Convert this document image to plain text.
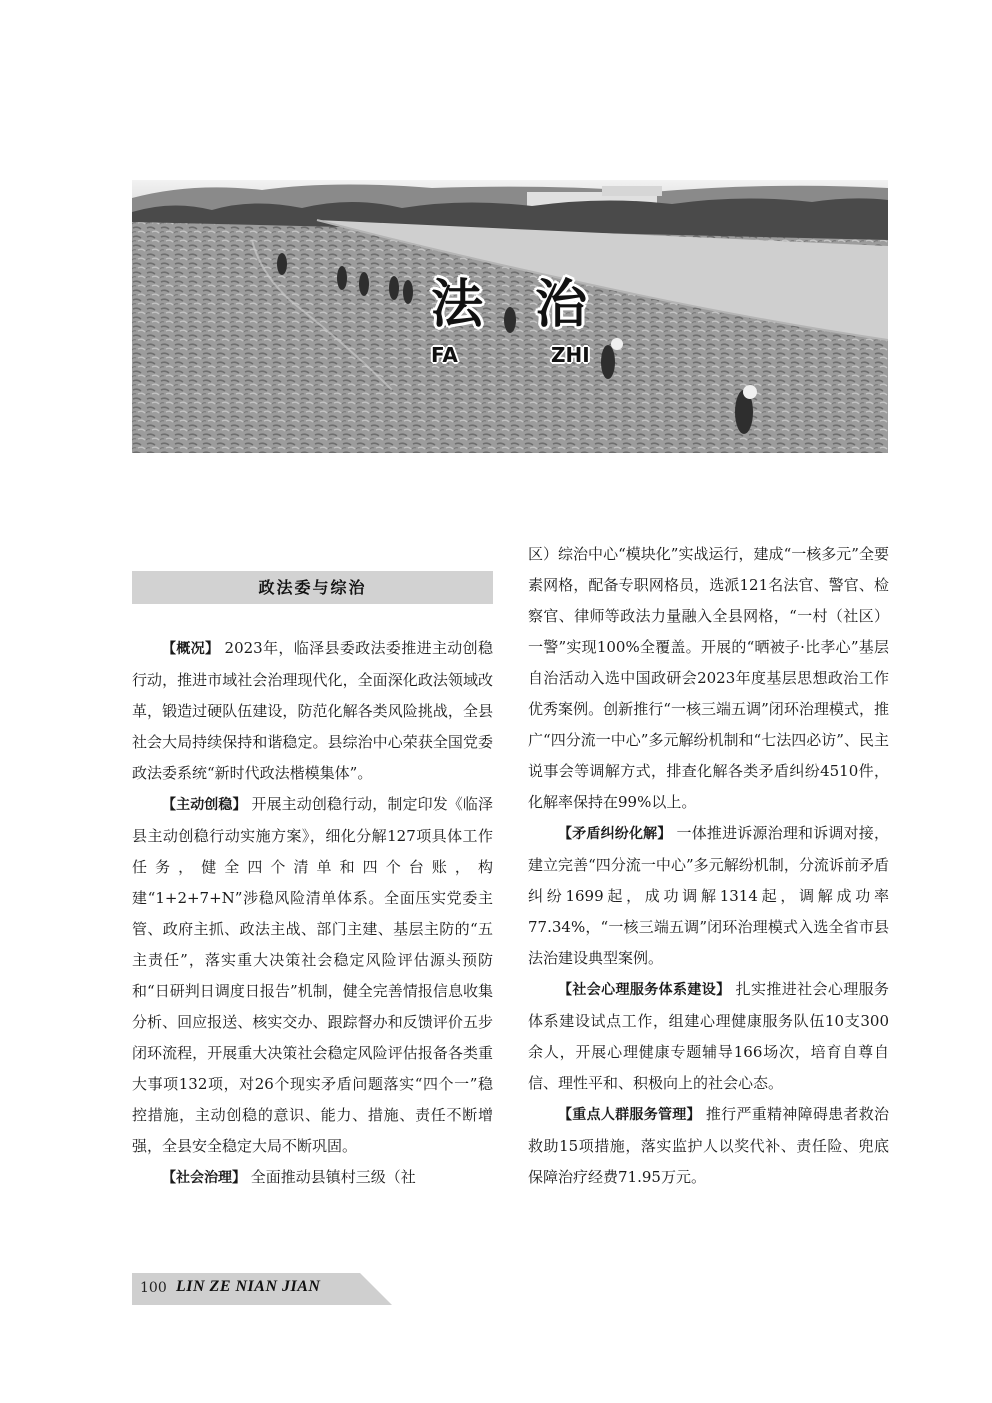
法 治
FA	ZHI
政法委与综治

【概况】 2023年，临泽县委政法委推进主动创稳行动，推进市域社会治理现代化，全面深化政法领域改革，锻造过硬队伍建设，防范化解各类风险挑战，全县社会大局持续保持和谐稳定。县综治中心荣获全国党委政法委系统“新时代政法楷模集体”。

【主动创稳】 开展主动创稳行动，制定印发《临泽县主动创稳行动实施方案》，细化分解127项具体工作任务，健全四个清单和四个台账，构建“1+2+7+N”涉稳风险清单体系。全面压实党委主管、政府主抓、政法主战、部门主建、基层主防的“五主责任”，落实重大决策社会稳定风险评估源头预防和“日研判日调度日报告”机制，健全完善情报信息收集分析、回应报送、核实交办、跟踪督办和反馈评价五步闭环流程，开展重大决策社会稳定风险评估报备各类重大事项132项，对26个现实矛盾问题落实“四个一”稳控措施，主动创稳的意识、能力、措施、责任不断增强，全县安全稳定大局不断巩固。

【社会治理】 全面推动县镇村三级（社

区）综治中心“模块化”实战运行，建成“一核多元”全要素网格，配备专职网格员，选派121名法官、警官、检察官、律师等政法力量融入全县网格，“一村（社区）一警”实现100%全覆盖。开展的“晒被子·比孝心”基层自治活动入选中国政研会2023年度基层思想政治工作优秀案例。创新推行“一核三端五调”闭环治理模式，推广“四分流一中心”多元解纷机制和“七法四必访”、民主说事会等调解方式，排查化解各类矛盾纠纷4510件，化解率保持在99%以上。

【矛盾纠纷化解】 一体推进诉源治理和诉调对接，建立完善“四分流一中心”多元解纷机制，分流诉前矛盾纠纷1699起，成功调解1314起，调解成功率77.34%，“一核三端五调”闭环治理模式入选全省市县法治建设典型案例。

【社会心理服务体系建设】 扎实推进社会心理服务体系建设试点工作，组建心理健康服务队伍10支300余人，开展心理健康专题辅导166场次，培育自尊自信、理性平和、积极向上的社会心态。

【重点人群服务管理】 推行严重精神障碍患者救治救助15项措施，落实监护人以奖代补、责任险、兜底保障治疗经费71.95万元。

100 LIN ZE NIAN JIAN
